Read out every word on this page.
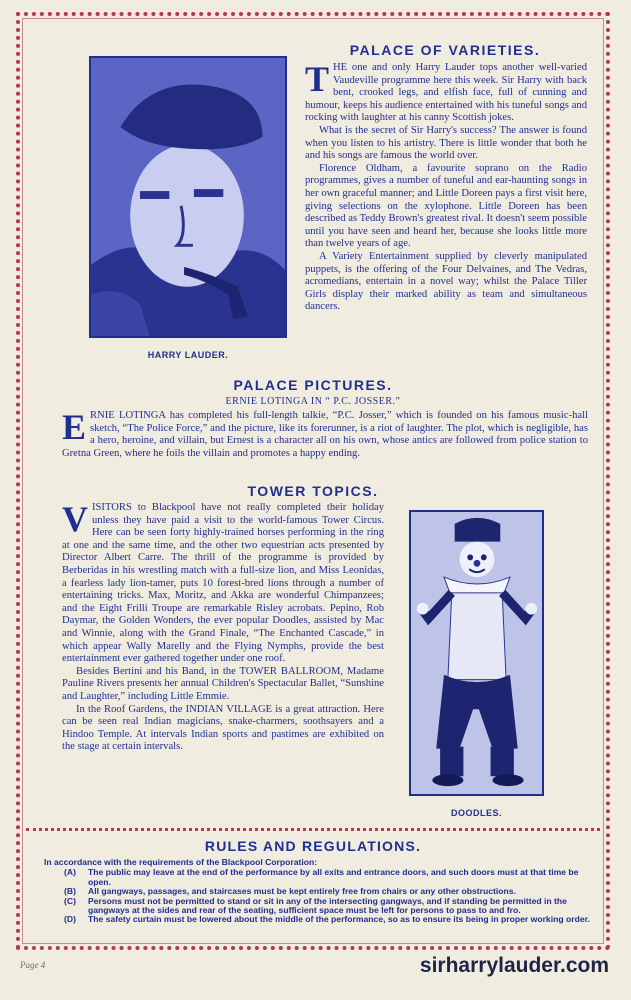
HARRY LAUDER.
PALACE OF VARIETIES.

THE one and only Harry Lauder tops another well-varied Vaudeville programme here this week. Sir Harry with back bent, crooked legs, and elfish face, full of cunning and humour, keeps his audience entertained with his tuneful songs and rocking with laughter at his canny Scottish jokes.

What is the secret of Sir Harry's success? The answer is found when you listen to his artistry. There is little wonder that both he and his songs are famous the world over.

Florence Oldham, a favourite soprano on the Radio programmes, gives a number of tuneful and ear-haunting songs in her own graceful manner; and Little Doreen pays a first visit here, giving selections on the xylophone. Little Doreen has been described as Teddy Brown's greatest rival. It doesn't seem possible until you have seen and heard her, because she looks little more than twelve years of age.

A Variety Entertainment supplied by cleverly manipulated puppets, is the offering of the Four Delvaines, and The Vedras, acromedians, entertain in a novel way; whilst the Palace Tiller Girls display their marked ability as team and simultaneous dancers.

PALACE PICTURES.
ERNIE LOTINGA IN “ P.C. JOSSER.”

ERNIE LOTINGA has completed his full-length talkie, “P.C. Josser,” which is founded on his famous music-hall sketch, “The Police Force,” and the picture, like its forerunner, is a riot of laughter. The plot, which is negligible, has a hero, heroine, and villain, but Ernest is a character all on his own, whose antics are followed from police station to Gretna Green, where he foils the villain and promotes a happy ending.

TOWER TOPICS.

VISITORS to Blackpool have not really completed their holiday unless they have paid a visit to the world-famous Tower Circus. Here can be seen forty highly-trained horses performing in the ring at one and the same time, and the other two equestrian acts presented by Director Albert Carre. The thrill of the programme is provided by Berberidas in his wrestling match with a full-size lion, and Miss Leonidas, a fearless lady lion-tamer, puts 10 forest-bred lions through a number of entertaining tricks. Max, Moritz, and Akka are wonderful Chimpanzees; and the Eight Frilli Troupe are remarkable Risley acrobats. Pepino, Rob Daymar, the Golden Wonders, the ever popular Doodles, assisted by Mac and Winnie, along with the Grand Finale, “The Enchanted Cascade,” in which appear Wally Marelly and the Flying Nymphs, provide the best entertainment ever gathered together under one roof.

Besides Bertini and his Band, in the TOWER BALLROOM, Madame Pauline Rivers presents her annual Children's Spectacular Ballet, “Sunshine and Laughter,” including Little Emmie.

In the Roof Gardens, the INDIAN VILLAGE is a great attraction. Here can be seen real Indian magicians, snake-charmers, soothsayers and a Hindoo Temple. At intervals Indian sports and pastimes are exhibited on the stage at certain intervals.

DOODLES.
RULES AND REGULATIONS.

In accordance with the requirements of the Blackpool Corporation:

(A)	The public may leave at the end of the performance by all exits and entrance doors, and such doors must at that time be open.
(B)	All gangways, passages, and staircases must be kept entirely free from chairs or any other obstructions.
(C)	Persons must not be permitted to stand or sit in any of the intersecting gangways, and if standing be permitted in the gangways at the sides and rear of the seating, sufficient space must be left for persons to pass to and fro.
(D)	The safety curtain must be lowered about the middle of the performance, so as to ensure its being in proper working order.
Page 4	sirharrylauder.com
